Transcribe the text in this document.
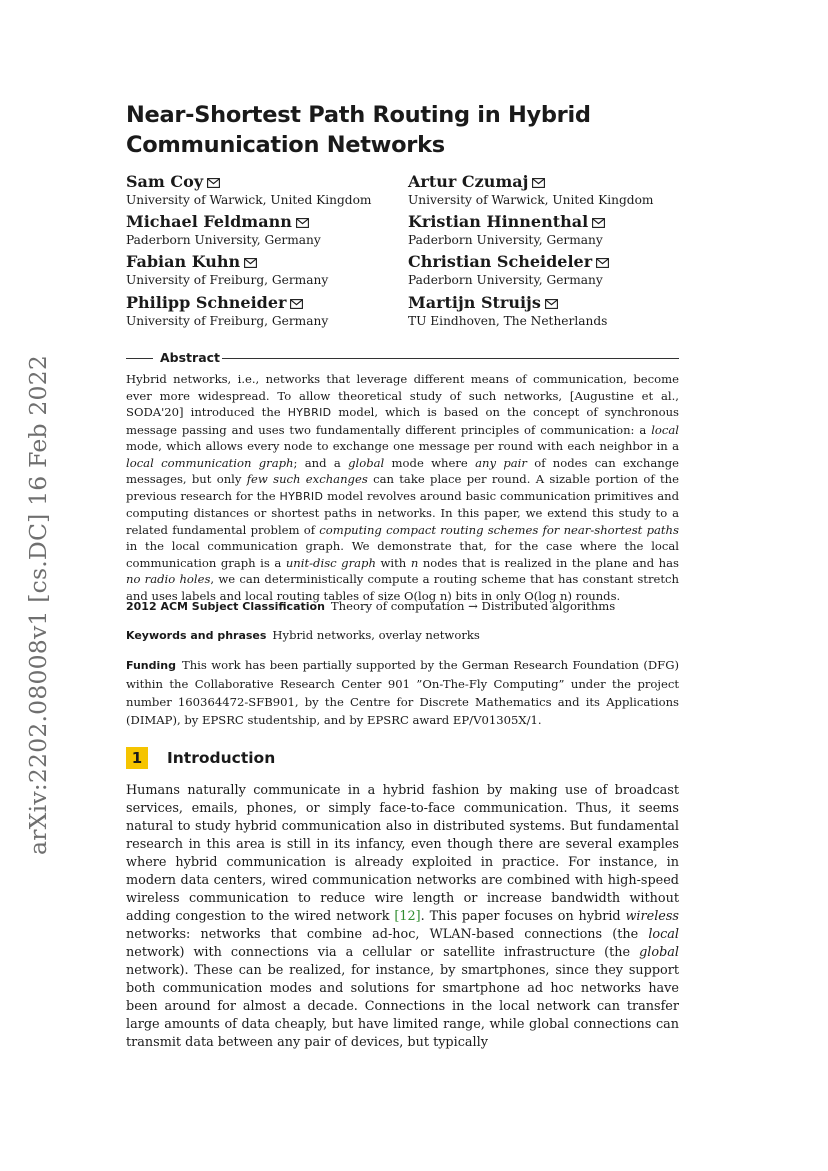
arXiv:2202.08008v1 [cs.DC] 16 Feb 2022
Near-Shortest Path Routing in Hybrid
Communication Networks
Sam Coy
University of Warwick, United Kingdom
Artur Czumaj
University of Warwick, United Kingdom
Michael Feldmann
Paderborn University, Germany
Kristian Hinnenthal
Paderborn University, Germany
Fabian Kuhn
University of Freiburg, Germany
Christian Scheideler
Paderborn University, Germany
Philipp Schneider
University of Freiburg, Germany
Martijn Struijs
TU Eindhoven, The Netherlands
Abstract
Hybrid networks, i.e., networks that leverage different means of communication, become ever more widespread. To allow theoretical study of such networks, [Augustine et al., SODA'20] introduced the HYBRID model, which is based on the concept of synchronous message passing and uses two fundamentally different principles of communication: a local mode, which allows every node to exchange one message per round with each neighbor in a local communication graph; and a global mode where any pair of nodes can exchange messages, but only few such exchanges can take place per round. A sizable portion of the previous research for the HYBRID model revolves around basic communication primitives and computing distances or shortest paths in networks. In this paper, we extend this study to a related fundamental problem of computing compact routing schemes for near-shortest paths in the local communication graph. We demonstrate that, for the case where the local communication graph is a unit-disc graph with n nodes that is realized in the plane and has no radio holes, we can deterministically compute a routing scheme that has constant stretch and uses labels and local routing tables of size O(log n) bits in only O(log n) rounds.
2012 ACM Subject Classification Theory of computation → Distributed algorithms
Keywords and phrases Hybrid networks, overlay networks
Funding This work has been partially supported by the German Research Foundation (DFG) within the Collaborative Research Center 901 ”On-The-Fly Computing” under the project number 160364472-SFB901, by the Centre for Discrete Mathematics and its Applications (DIMAP), by EPSRC studentship, and by EPSRC award EP/V01305X/1.
1	Introduction
Humans naturally communicate in a hybrid fashion by making use of broadcast services, emails, phones, or simply face-to-face communication. Thus, it seems natural to study hybrid communication also in distributed systems. But fundamental research in this area is still in its infancy, even though there are several examples where hybrid communication is already exploited in practice. For instance, in modern data centers, wired communication networks are combined with high-speed wireless communication to reduce wire length or increase bandwidth without adding congestion to the wired network [12]. This paper focuses on hybrid wireless networks: networks that combine ad-hoc, WLAN-based connections (the local network) with connections via a cellular or satellite infrastructure (the global network). These can be realized, for instance, by smartphones, since they support both communication modes and solutions for smartphone ad hoc networks have been around for almost a decade. Connections in the local network can transfer large amounts of data cheaply, but have limited range, while global connections can transmit data between any pair of devices, but typically
